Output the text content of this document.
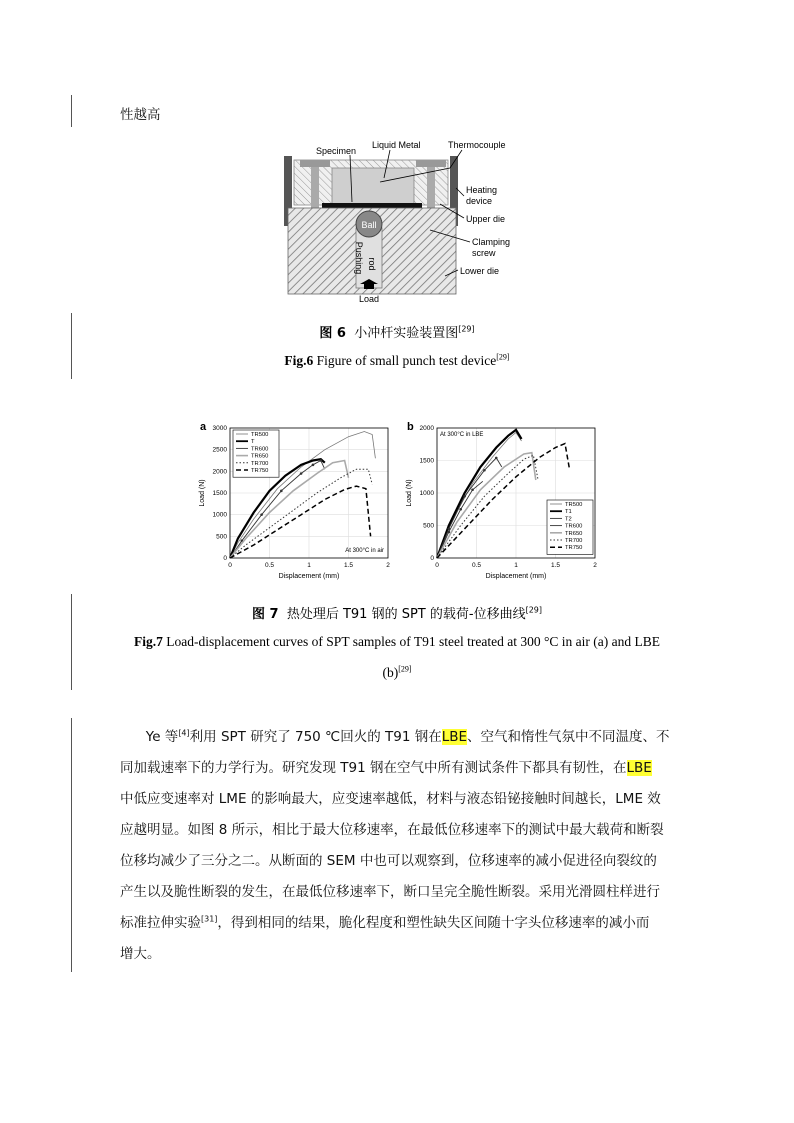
性越高
Ball
Pushing rod
Load
Specimen
Liquid Metal	Thermocouple
Heating
device
Upper die
Clamping
screw
Lower die
图 6 小冲杆实验装置图[29]
Fig.6 Figure of small punch test device[29]
a
0	0.5	1	1.5	2
0
500
1000
1500
2000
2500
3000
Displacement (mm)
Load (N)
TR500
T
TR600
TR650
TR700
TR750
At 300°C in air
b
0	0.5	1	1.5	2
0
500
1000
1500
2000
Displacement (mm)
Load (N)	TR500
T1
T2
TR600
TR650
TR700
TR750
At 300°C in LBE
图 7 热处理后 T91 钢的 SPT 的载荷-位移曲线[29]
Fig.7 Load-displacement curves of SPT samples of T91 steel treated at 300 °C in air (a) and LBE
(b)[29]
Ye 等[4]利用 SPT 研究了 750 ℃回火的 T91 钢在LBE、空气和惰性气氛中不同温度、不
同加载速率下的力学行为。研究发现 T91 钢在空气中所有测试条件下都具有韧性，在LBE
中低应变速率对 LME 的影响最大，应变速率越低，材料与液态铅铋接触时间越长，LME 效
应越明显。如图 8 所示，相比于最大位移速率，在最低位移速率下的测试中最大载荷和断裂
位移均减少了三分之二。从断面的 SEM 中也可以观察到，位移速率的减小促进径向裂纹的
产生以及脆性断裂的发生，在最低位移速率下，断口呈完全脆性断裂。采用光滑圆柱样进行
标准拉伸实验[31]，得到相同的结果，脆化程度和塑性缺失区间随十字头位移速率的减小而
增大。
